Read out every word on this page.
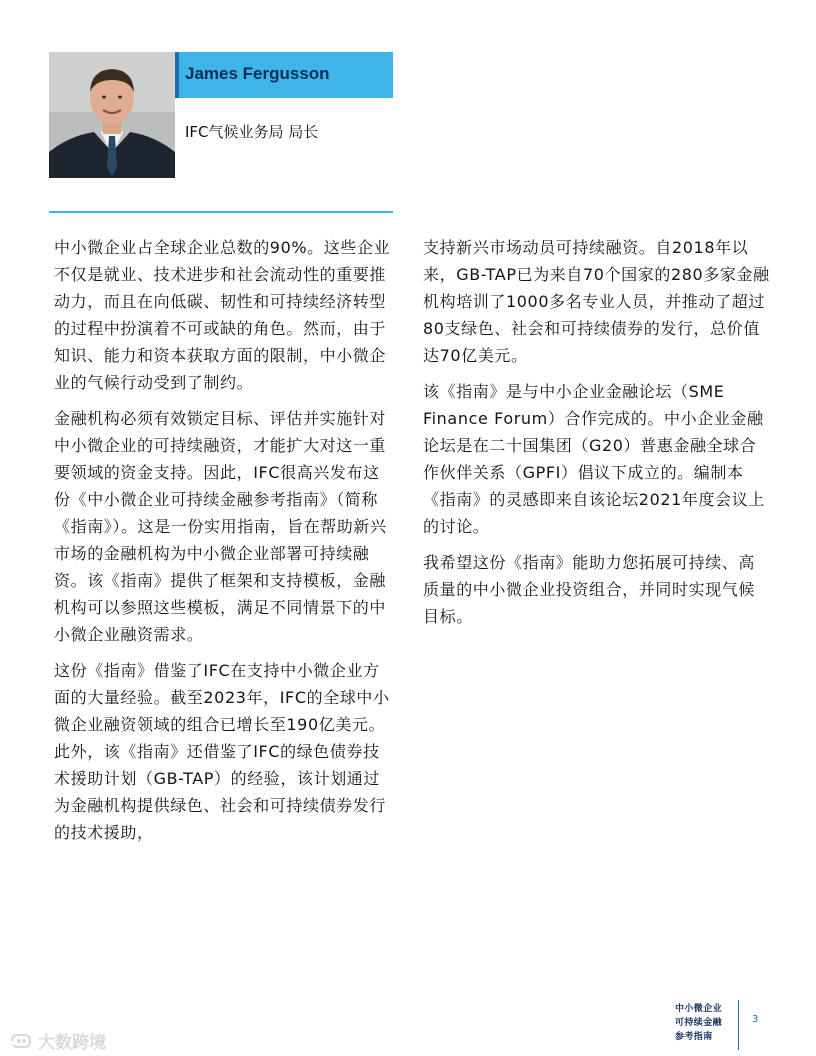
James Fergusson
IFC气候业务局 局长

中小微企业占全球企业总数的90%。这些企业不仅是就业、技术进步和社会流动性的重要推动力，而且在向低碳、韧性和可持续经济转型的过程中扮演着不可或缺的角色。然而，由于知识、能力和资本获取方面的限制，中小微企业的气候行动受到了制约。

金融机构必须有效锁定目标、评估并实施针对中小微企业的可持续融资，才能扩大对这一重要领域的资金支持。因此，IFC很高兴发布这份《中小微企业可持续金融参考指南》（简称《指南》）。这是一份实用指南，旨在帮助新兴市场的金融机构为中小微企业部署可持续融资。该《指南》提供了框架和支持模板，金融机构可以参照这些模板，满足不同情景下的中小微企业融资需求。

这份《指南》借鉴了IFC在支持中小微企业方面的大量经验。截至2023年，IFC的全球中小微企业融资领域的组合已增长至190亿美元。此外，该《指南》还借鉴了IFC的绿色债券技术援助计划（GB-TAP）的经验，该计划通过为金融机构提供绿色、社会和可持续债券发行的技术援助，

支持新兴市场动员可持续融资。自2018年以来，GB-TAP已为来自70个国家的280多家金融机构培训了1000多名专业人员，并推动了超过80支绿色、社会和可持续债券的发行，总价值达70亿美元。

该《指南》是与中小企业金融论坛（SME Finance Forum）合作完成的。中小企业金融论坛是在二十国集团（G20）普惠金融全球合作伙伴关系（GPFI）倡议下成立的。编制本《指南》的灵感即来自该论坛2021年度会议上的讨论。

我希望这份《指南》能助力您拓展可持续、高质量的中小微企业投资组合，并同时实现气候目标。

中小微企业
可持续金融
参考指南
3
大数跨境
